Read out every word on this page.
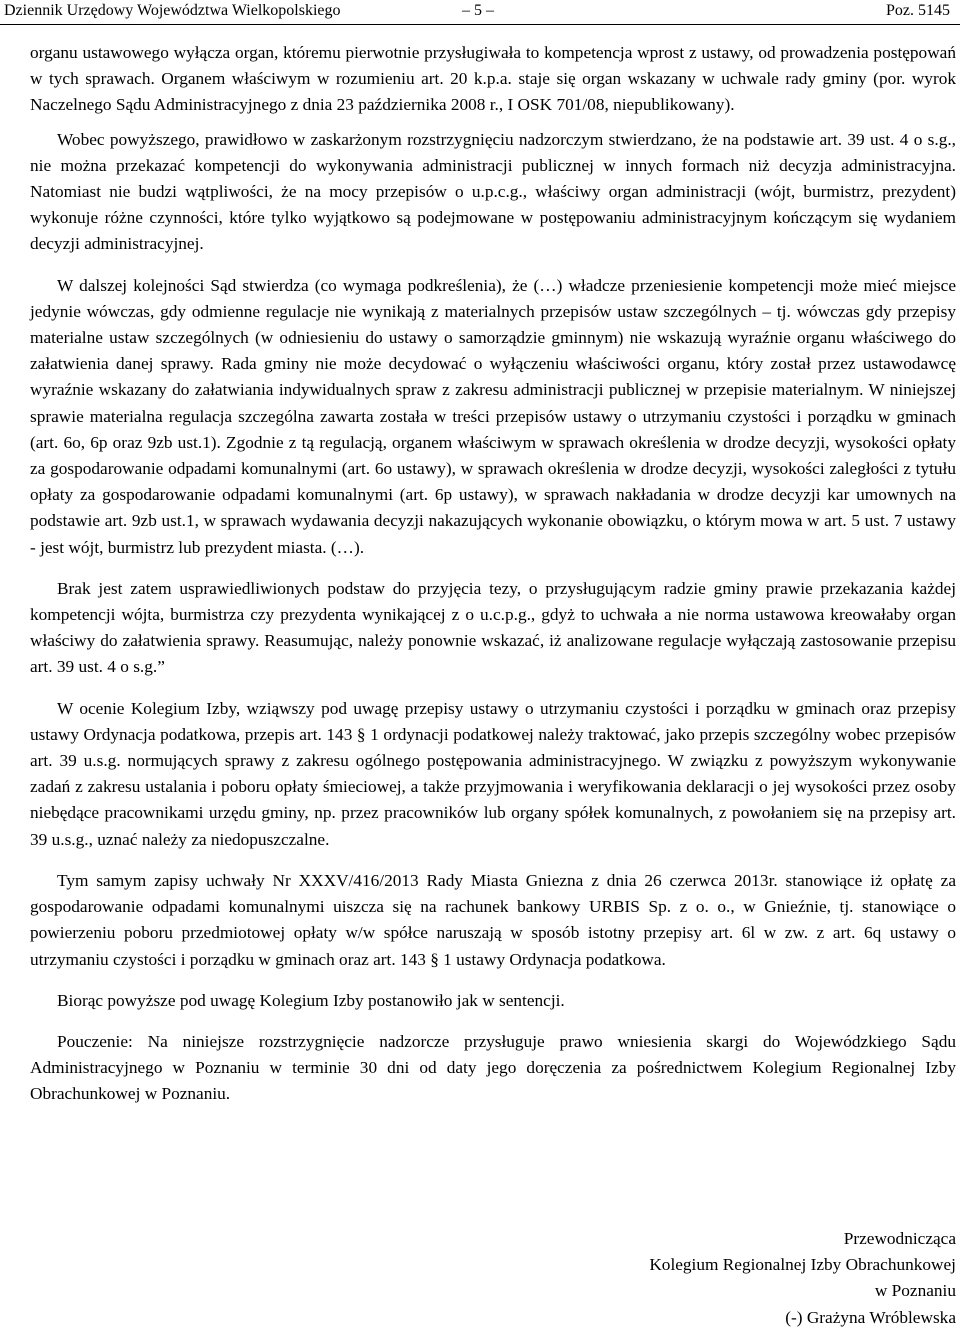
Dziennik Urzędowy Województwa Wielkopolskiego	– 5 –	Poz. 5145

organu ustawowego wyłącza organ, któremu pierwotnie przysługiwała to kompetencja wprost z ustawy, od prowadzenia postępowań w tych sprawach. Organem właściwym w rozumieniu art. 20 k.p.a. staje się organ wskazany w uchwale rady gminy (por. wyrok Naczelnego Sądu Administracyjnego z dnia 23 października 2008 r., I OSK 701/08, niepublikowany).

Wobec powyższego, prawidłowo w zaskarżonym rozstrzygnięciu nadzorczym stwierdzano, że na podstawie art. 39 ust. 4 o s.g., nie można przekazać kompetencji do wykonywania administracji publicznej w innych formach niż decyzja administracyjna. Natomiast nie budzi wątpliwości, że na mocy przepisów o u.p.c.g., właściwy organ administracji (wójt, burmistrz, prezydent) wykonuje różne czynności, które tylko wyjątkowo są podejmowane w postępowaniu administracyjnym kończącym się wydaniem decyzji administracyjnej.

W dalszej kolejności Sąd stwierdza (co wymaga podkreślenia), że (…) władcze przeniesienie kompetencji może mieć miejsce jedynie wówczas, gdy odmienne regulacje nie wynikają z materialnych przepisów ustaw szczególnych – tj. wówczas gdy przepisy materialne ustaw szczególnych (w odniesieniu do ustawy o samorządzie gminnym) nie wskazują wyraźnie organu właściwego do załatwienia danej sprawy. Rada gminy nie może decydować o wyłączeniu właściwości organu, który został przez ustawodawcę wyraźnie wskazany do załatwiania indywidualnych spraw z zakresu administracji publicznej w przepisie materialnym. W niniejszej sprawie materialna regulacja szczególna zawarta została w treści przepisów ustawy o utrzymaniu czystości i porządku w gminach (art. 6o, 6p oraz 9zb ust.1). Zgodnie z tą regulacją, organem właściwym w sprawach określenia w drodze decyzji, wysokości opłaty za gospodarowanie odpadami komunalnymi (art. 6o ustawy), w sprawach określenia w drodze decyzji, wysokości zaległości z tytułu opłaty za gospodarowanie odpadami komunalnymi (art. 6p ustawy), w sprawach nakładania w drodze decyzji kar umownych na podstawie art. 9zb ust.1, w sprawach wydawania decyzji nakazujących wykonanie obowiązku, o którym mowa w art. 5 ust. 7 ustawy - jest wójt, burmistrz lub prezydent miasta. (…).

Brak jest zatem usprawiedliwionych podstaw do przyjęcia tezy, o przysługującym radzie gminy prawie przekazania każdej kompetencji wójta, burmistrza czy prezydenta wynikającej z o u.c.p.g., gdyż to uchwała a nie norma ustawowa kreowałaby organ właściwy do załatwienia sprawy. Reasumując, należy ponownie wskazać, iż analizowane regulacje wyłączają zastosowanie przepisu art. 39 ust. 4 o s.g.”

W ocenie Kolegium Izby, wziąwszy pod uwagę przepisy ustawy o utrzymaniu czystości i porządku w gminach oraz przepisy ustawy Ordynacja podatkowa, przepis art. 143 § 1 ordynacji podatkowej należy traktować, jako przepis szczególny wobec przepisów art. 39 u.s.g. normujących sprawy z zakresu ogólnego postępowania administracyjnego. W związku z powyższym wykonywanie zadań z zakresu ustalania i poboru opłaty śmieciowej, a także przyjmowania i weryfikowania deklaracji o jej wysokości przez osoby niebędące pracownikami urzędu gminy, np. przez pracowników lub organy spółek komunalnych, z powołaniem się na przepisy art. 39 u.s.g., uznać należy za niedopuszczalne.

Tym samym zapisy uchwały Nr XXXV/416/2013 Rady Miasta Gniezna z dnia 26 czerwca 2013r. stanowiące iż opłatę za gospodarowanie odpadami komunalnymi uiszcza się na rachunek bankowy URBIS Sp. z o. o., w Gnieźnie, tj. stanowiące o powierzeniu poboru przedmiotowej opłaty w/w spółce naruszają w sposób istotny przepisy art. 6l w zw. z art. 6q ustawy o utrzymaniu czystości i porządku w gminach oraz art. 143 § 1 ustawy Ordynacja podatkowa.

Biorąc powyższe pod uwagę Kolegium Izby postanowiło jak w sentencji.

Pouczenie: Na niniejsze rozstrzygnięcie nadzorcze przysługuje prawo wniesienia skargi do Wojewódzkiego Sądu Administracyjnego w Poznaniu w terminie 30 dni od daty jego doręczenia za pośrednictwem Kolegium Regionalnej Izby Obrachunkowej w Poznaniu.

Przewodnicząca
Kolegium Regionalnej Izby Obrachunkowej
w Poznaniu
(-) Grażyna Wróblewska
